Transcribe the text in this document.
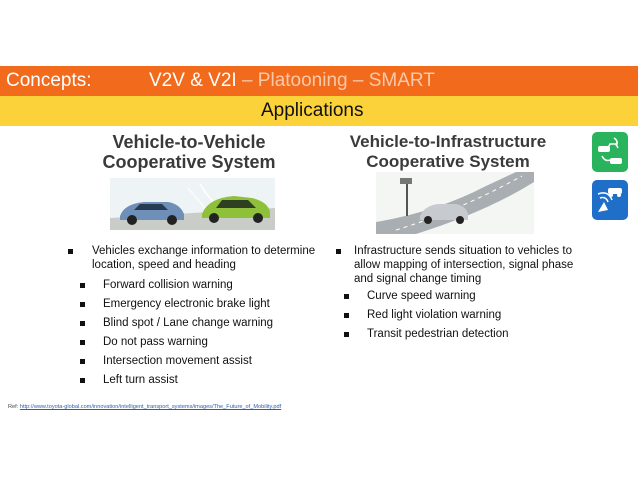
Concepts:	V2V & V2I – Platooning – SMART
Applications
Vehicle-to-Vehicle
Cooperative System
Vehicle-to-Infrastructure
Cooperative System
Vehicles exchange information to determine location, speed and heading
Forward collision warning
Emergency electronic brake light
Blind spot / Lane change warning
Do not pass warning
Intersection movement assist
Left turn assist
Infrastructure sends situation to vehicles to allow mapping of intersection, signal phase and signal change timing
Curve speed warning
Red light violation warning
Transit pedestrian detection
Ref: http://www.toyota-global.com/innovation/intelligent_transport_systems/images/The_Future_of_Mobility.pdf
